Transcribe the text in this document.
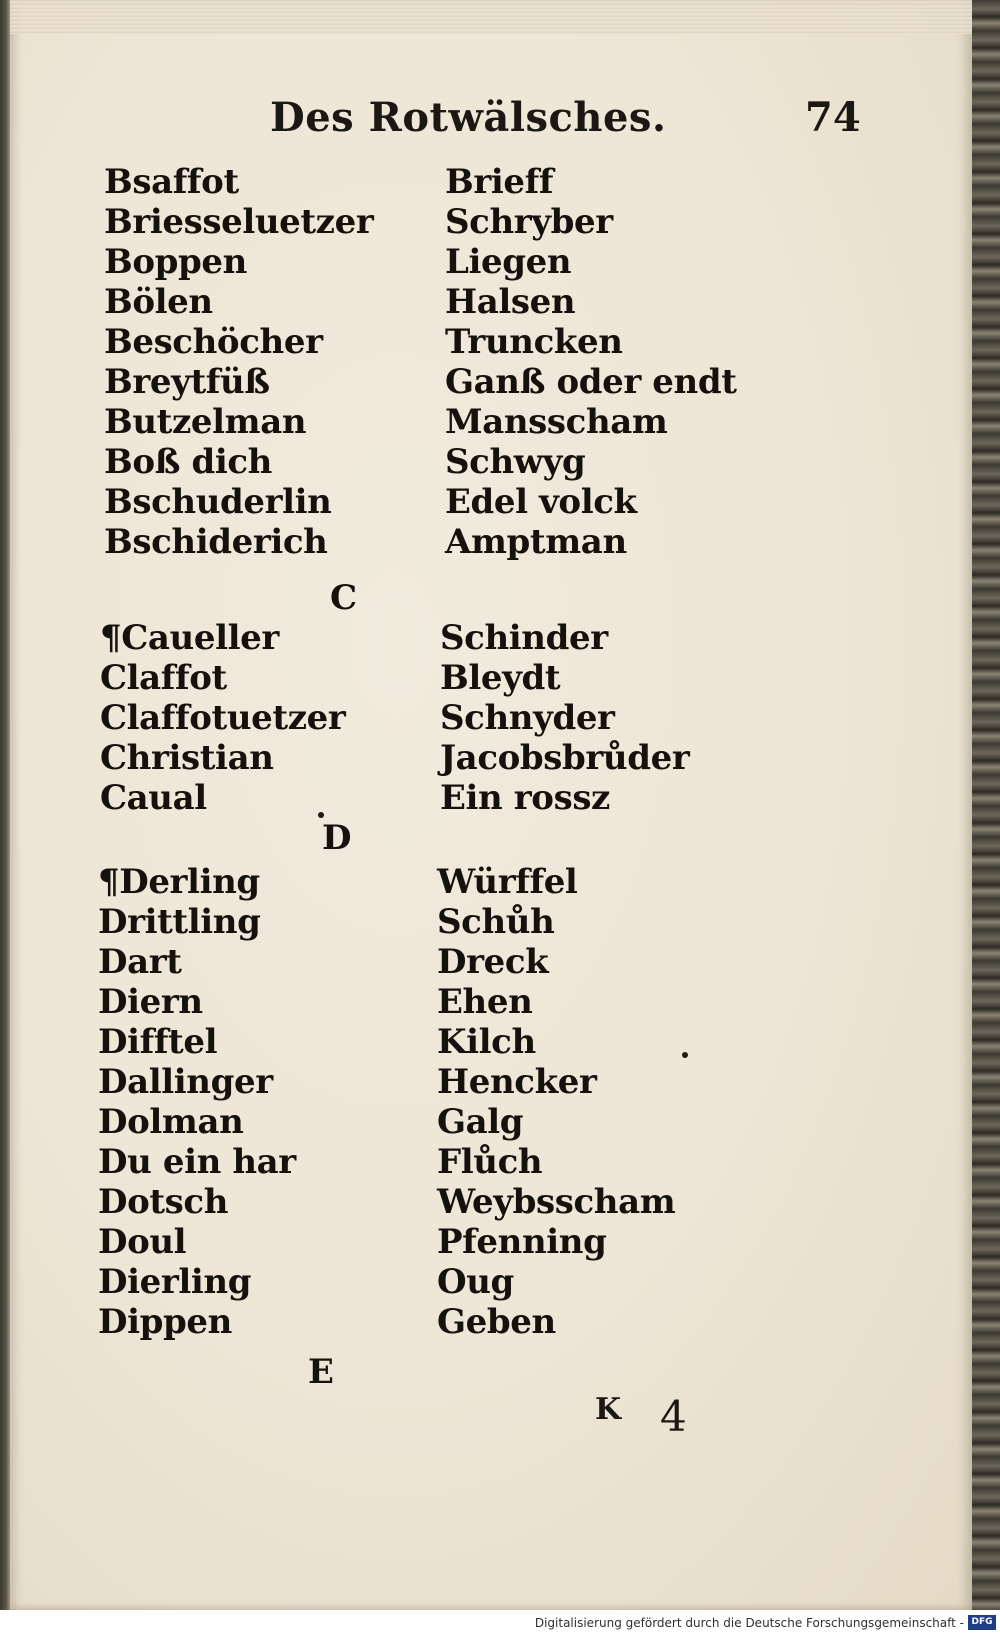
Des Rotwälsches.	74
Bsaffot
Briesseluetzer
Boppen
Bölen
Beschöcher
Breytfüß
Butzelman
Boß dich
Bschuderlin
Bschiderich
Brieff
Schryber
Liegen
Halsen
Truncken
Ganß oder endt
Mansscham
Schwyg
Edel volck
Amptman
C
¶Caueller
Claffot
Claffotuetzer
Christian
Caual
Schinder
Bleydt
Schnyder
Jacobsbrůder
Ein rossz
D
¶Derling
Drittling
Dart
Diern
Difftel
Dallinger
Dolman
Du ein har
Dotsch
Doul
Dierling
Dippen
Würffel
Schůh
Dreck
Ehen
Kilch
Hencker
Galg
Flůch
Weybsscham
Pfenning
Oug
Geben
E
K 4
Digitalisierung gefördert durch die Deutsche Forschungsgemeinschaft - DFG
